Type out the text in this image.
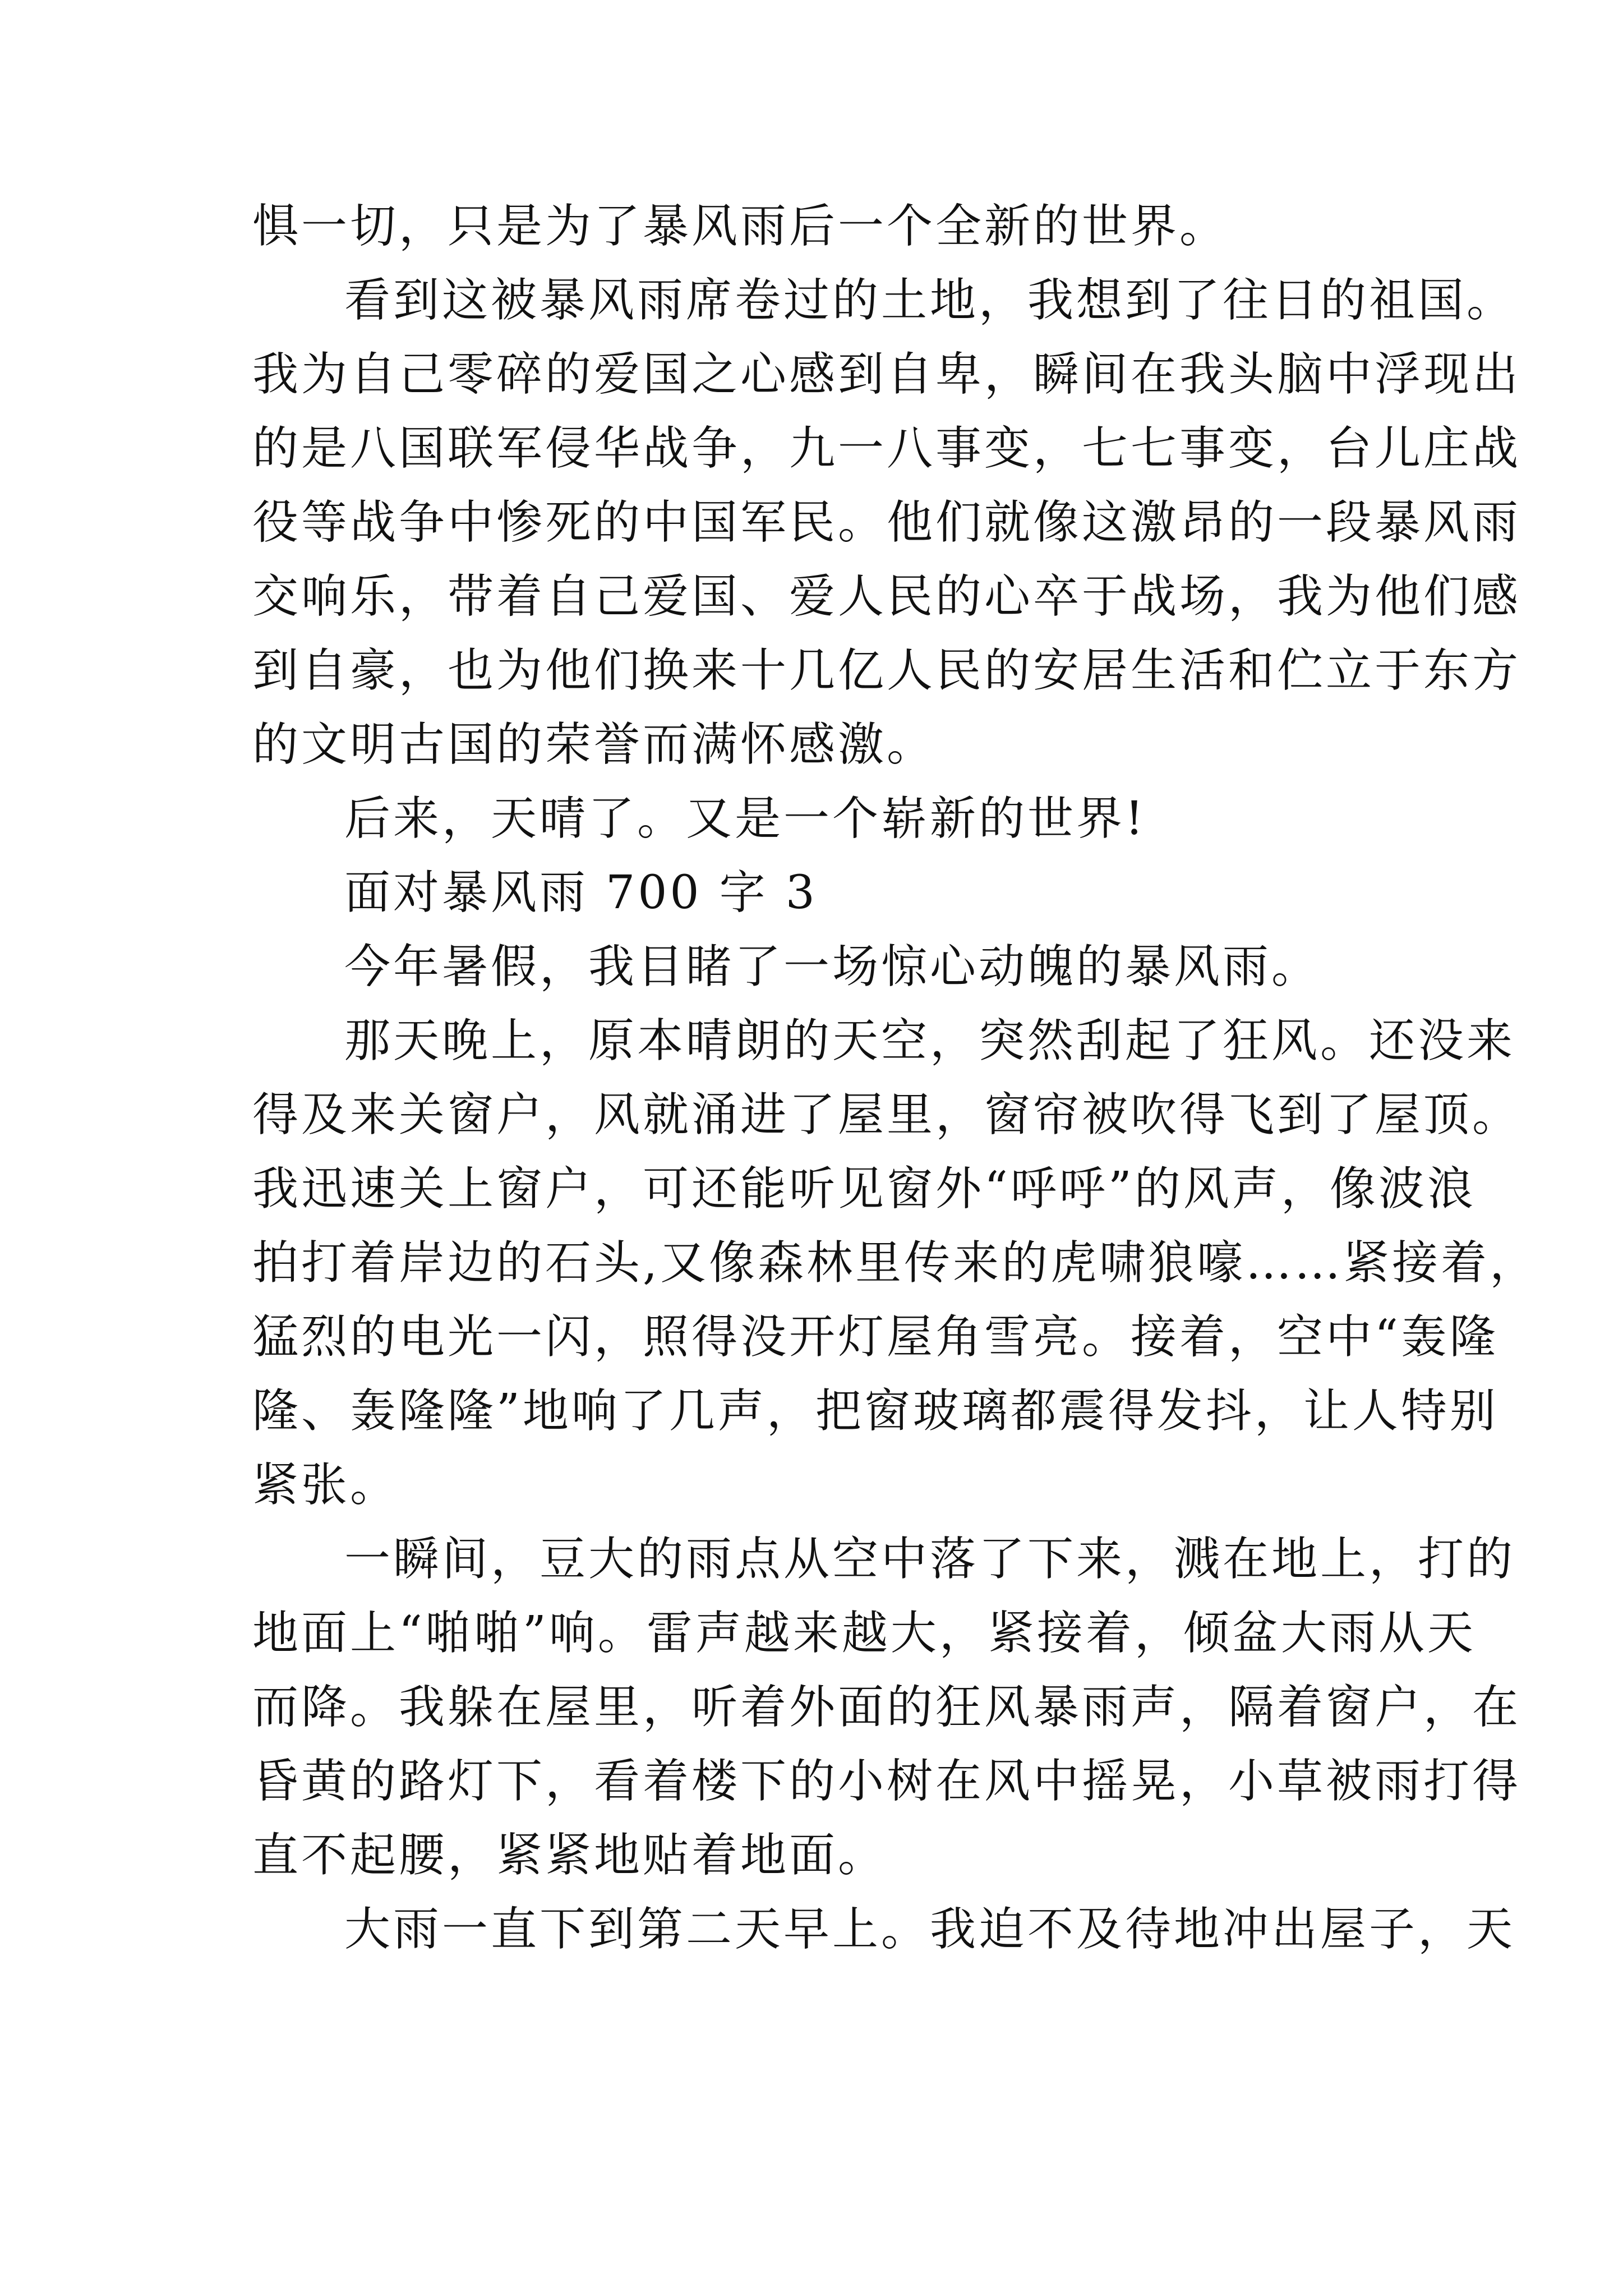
惧一切，只是为了暴风雨后一个全新的世界。
看到这被暴风雨席卷过的土地，我想到了往日的祖国。
我为自己零碎的爱国之心感到自卑，瞬间在我头脑中浮现出
的是八国联军侵华战争，九一八事变，七七事变，台儿庄战
役等战争中惨死的中国军民。他们就像这激昂的一段暴风雨
交响乐，带着自己爱国、爱人民的心卒于战场，我为他们感
到自豪，也为他们换来十几亿人民的安居生活和伫立于东方
的文明古国的荣誉而满怀感激。
后来，天晴了。又是一个崭新的世界!
面对暴风雨 700 字 3
今年暑假，我目睹了一场惊心动魄的暴风雨。
那天晚上，原本晴朗的天空，突然刮起了狂风。还没来
得及来关窗户，风就涌进了屋里，窗帘被吹得飞到了屋顶。
我迅速关上窗户，可还能听见窗外“呼呼”的风声，像波浪
拍打着岸边的石头,又像森林里传来的虎啸狼嚎……紧接着，
猛烈的电光一闪，照得没开灯屋角雪亮。接着，空中“轰隆
隆、轰隆隆”地响了几声，把窗玻璃都震得发抖，让人特别
紧张。
一瞬间，豆大的雨点从空中落了下来，溅在地上，打的
地面上“啪啪”响。雷声越来越大，紧接着，倾盆大雨从天
而降。我躲在屋里，听着外面的狂风暴雨声，隔着窗户，在
昏黄的路灯下，看着楼下的小树在风中摇晃，小草被雨打得
直不起腰，紧紧地贴着地面。
大雨一直下到第二天早上。我迫不及待地冲出屋子，天
